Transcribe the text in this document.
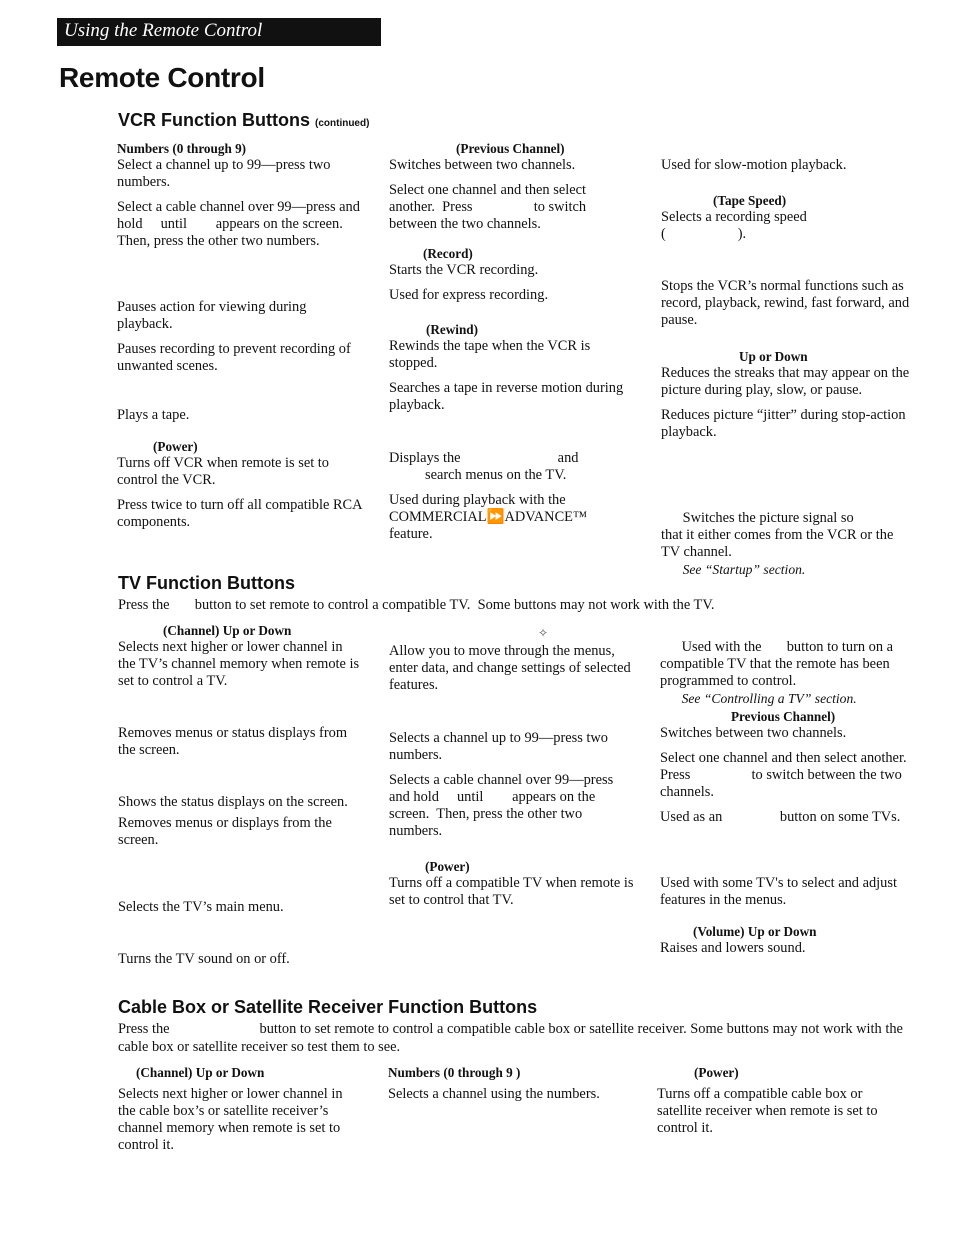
Using the Remote Control
Remote Control
VCR Function Buttons (continued)
Numbers (0 through 9)

Select a channel up to 99—press two numbers.

Select a cable channel over 99—press and hold     until        appears on the screen.  Then, press the other two numbers.

Pauses action for viewing during playback.

Pauses recording to prevent recording of unwanted scenes.

Plays a tape.

(Power)

Turns off VCR when remote is set to control the VCR.

Press twice to turn off all compatible RCA components.

(Previous Channel)

Switches between two channels.

Select one channel and then select another.  Press                 to switch between the two channels.

(Record)

Starts the VCR recording.

Used for express recording.

(Rewind)

Rewinds the tape when the VCR is stopped.

Searches a tape in reverse motion during playback.

Displays the                           and
search menus on the TV.

Used during playback with the COMMERCIAL⏩ADVANCE™ feature.

Used for slow-motion playback.

(Tape Speed)

Selects a recording speed
(                    ).

Stops the VCR’s normal functions such as record, playback, rewind, fast forward, and pause.

Up or Down

Reduces the streaks that may appear on the picture during play, slow, or pause.

Reduces picture “jitter” during stop-action playback.

Switches the picture signal so
that it either comes from the VCR or the TV channel.
See “Startup” section.

TV Function Buttons

Press the       button to set remote to control a compatible TV.  Some buttons may not work with the TV.

(Channel) Up or Down

Selects next higher or lower channel in the TV’s channel memory when remote is set to control a TV.

Removes menus or status displays from the screen.

Shows the status displays on the screen.

Removes menus or displays from the screen.

Selects the TV’s main menu.

Turns the TV sound on or off.

✧

Allow you to move through the menus, enter data, and change settings of selected features.

Selects a channel up to 99—press two numbers.

Selects a cable channel over 99—press and hold     until        appears on the screen.  Then, press the other two numbers.

(Power)

Turns off a compatible TV when remote is set to control that TV.

Used with the       button to turn on a compatible TV that the remote has been programmed to control.
See “Controlling a TV” section.

Previous Channel)

Switches between two channels.

Select one channel and then select another.  Press                 to switch between the two channels.

Used as an                button on some TVs.

Used with some TV's to select and adjust features in the menus.

(Volume) Up or Down

Raises and lowers sound.

Cable Box or Satellite Receiver Function Buttons

Press the                         button to set remote to control a compatible cable box or satellite receiver. Some buttons may not work with the cable box or satellite receiver so test them to see.

(Channel) Up or Down

Selects next higher or lower channel in the cable box’s or satellite receiver’s channel memory when remote is set to control it.

Numbers (0 through 9 )

Selects a channel using the numbers.

(Power)

Turns off a compatible cable box or satellite receiver when remote is set to control it.
